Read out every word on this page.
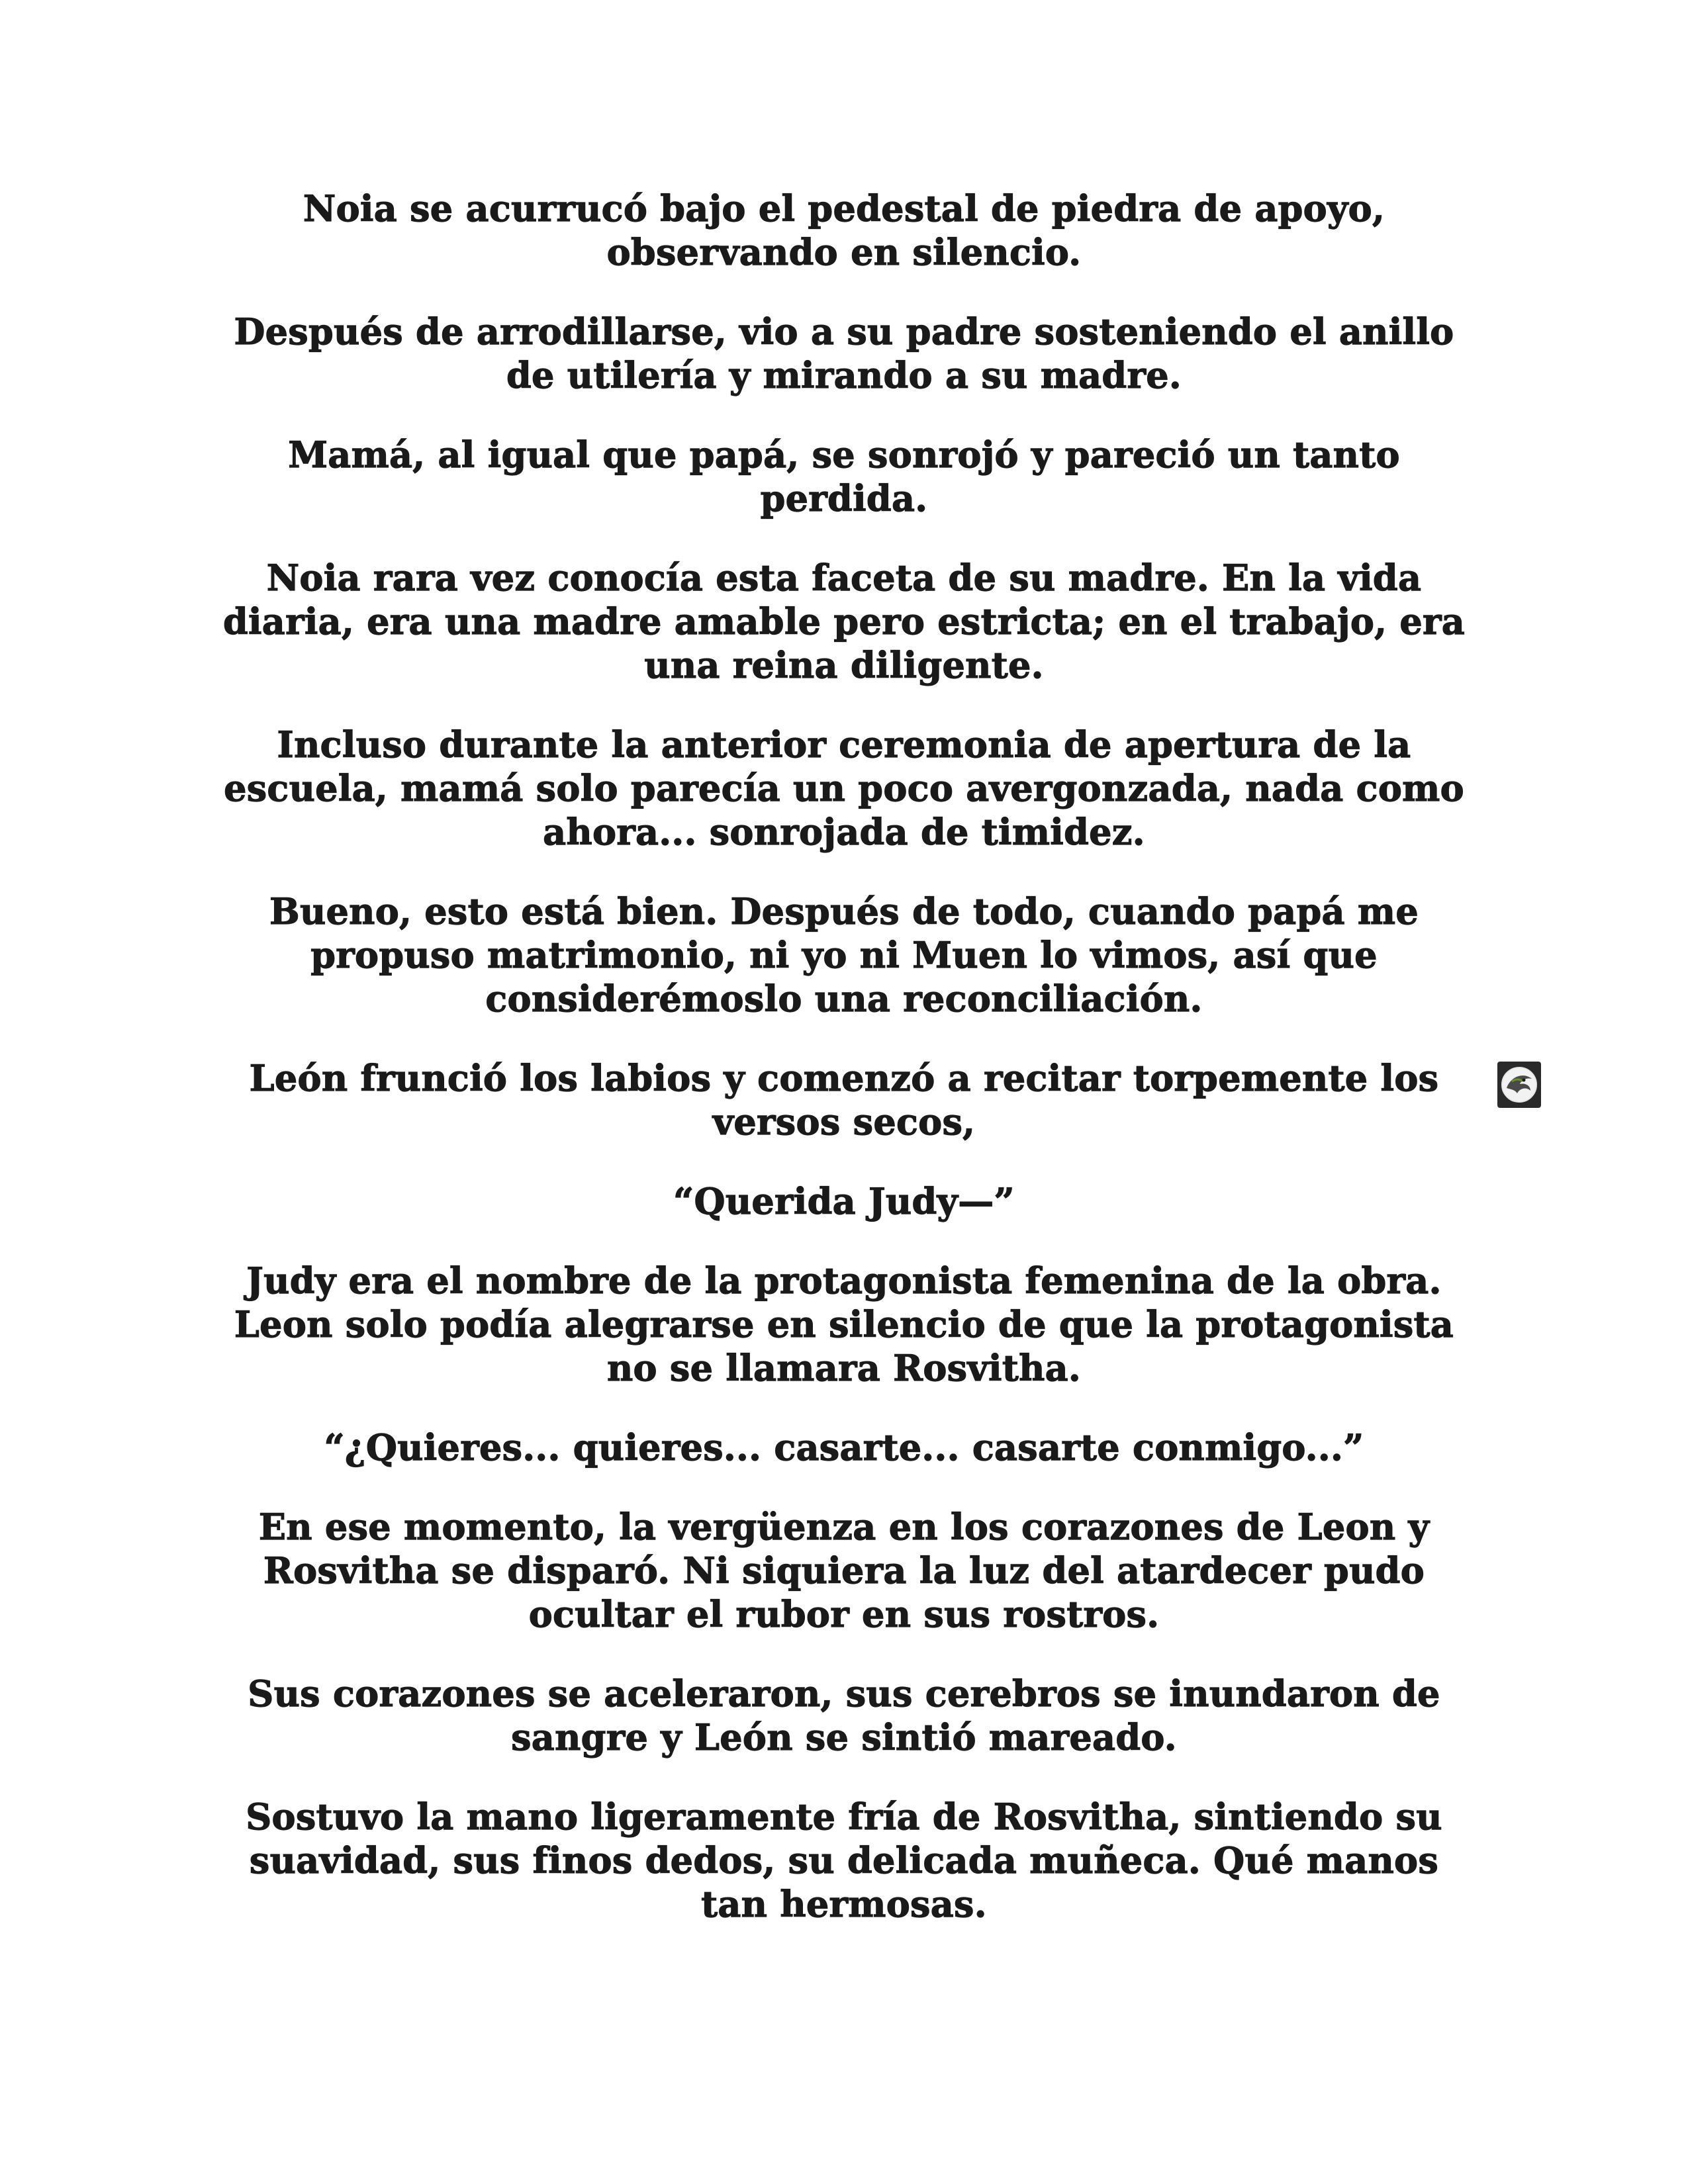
Noia se acurrucó bajo el pedestal de piedra de apoyo, observando en silencio.

Después de arrodillarse, vio a su padre sosteniendo el anillo de utilería y mirando a su madre.

Mamá, al igual que papá, se sonrojó y pareció un tanto perdida.

Noia rara vez conocía esta faceta de su madre. En la vida diaria, era una madre amable pero estricta; en el trabajo, era una reina diligente.

Incluso durante la anterior ceremonia de apertura de la escuela, mamá solo parecía un poco avergonzada, nada como ahora... sonrojada de timidez.

Bueno, esto está bien. Después de todo, cuando papá me propuso matrimonio, ni yo ni Muen lo vimos, así que considerémoslo una reconciliación.

León frunció los labios y comenzó a recitar torpemente los versos secos,

“Querida Judy—”

Judy era el nombre de la protagonista femenina de la obra. Leon solo podía alegrarse en silencio de que la protagonista no se llamara Rosvitha.

“¿Quieres... quieres... casarte... casarte conmigo...”

En ese momento, la vergüenza en los corazones de Leon y Rosvitha se disparó. Ni siquiera la luz del atardecer pudo ocultar el rubor en sus rostros.

Sus corazones se aceleraron, sus cerebros se inundaron de sangre y León se sintió mareado.

Sostuvo la mano ligeramente fría de Rosvitha, sintiendo su suavidad, sus finos dedos, su delicada muñeca. Qué manos tan hermosas.
